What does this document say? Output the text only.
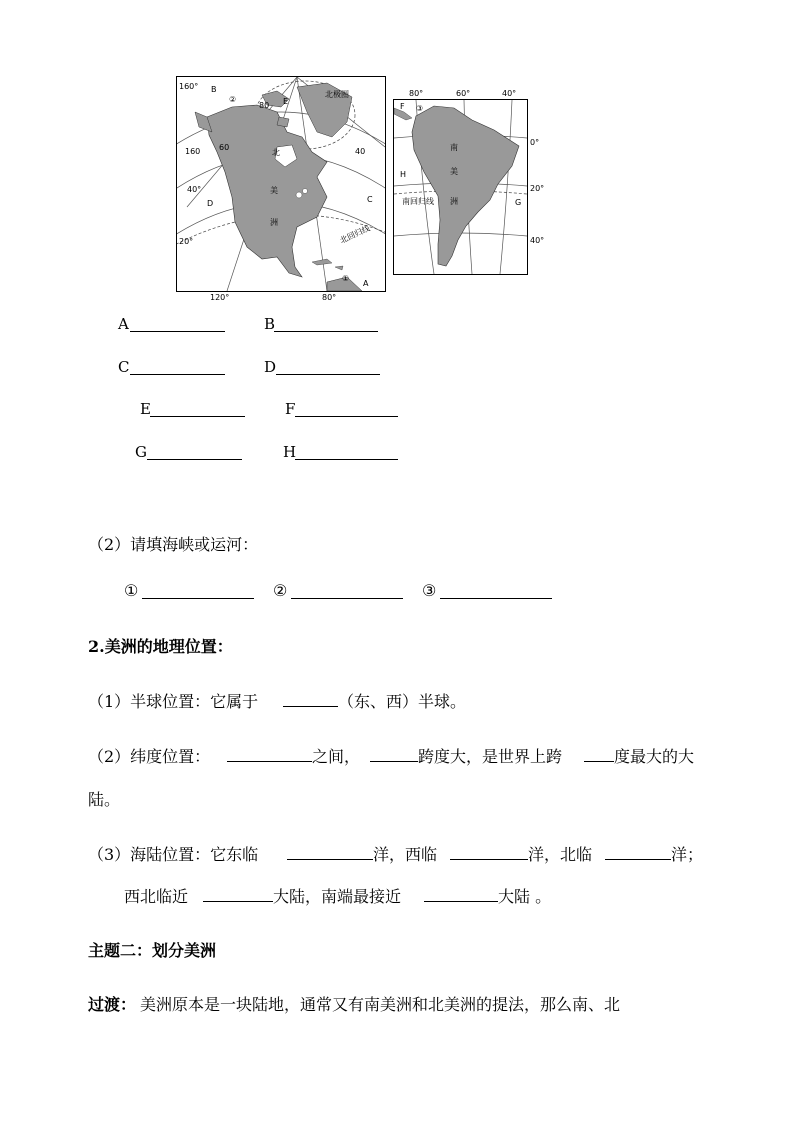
160° B
②
80 E
北极圈
60
160	北	40
40°	美
D	C
洲
北回归线
20°
①
A
120°	80°
80°	60°	40°
F ③
南
美
H
南回归线 洲
0°
20°
G
40°
A	B
C	D
E	F
G	H
（2）请填海峡或运河：
①	②	③
2.美洲的地理位置：
（1）半球位置：它属于	（东、西）半球。
（2）纬度位置：	之间，	跨度大，是世界上跨	度最大的大
陆。
（3）海陆位置：它东临	洋，西临	洋，北临	洋；
西北临近	大陆，南端最接近	大陆 。
主题二：划分美洲
过渡： 美洲原本是一块陆地，通常又有南美洲和北美洲的提法，那么南、北
